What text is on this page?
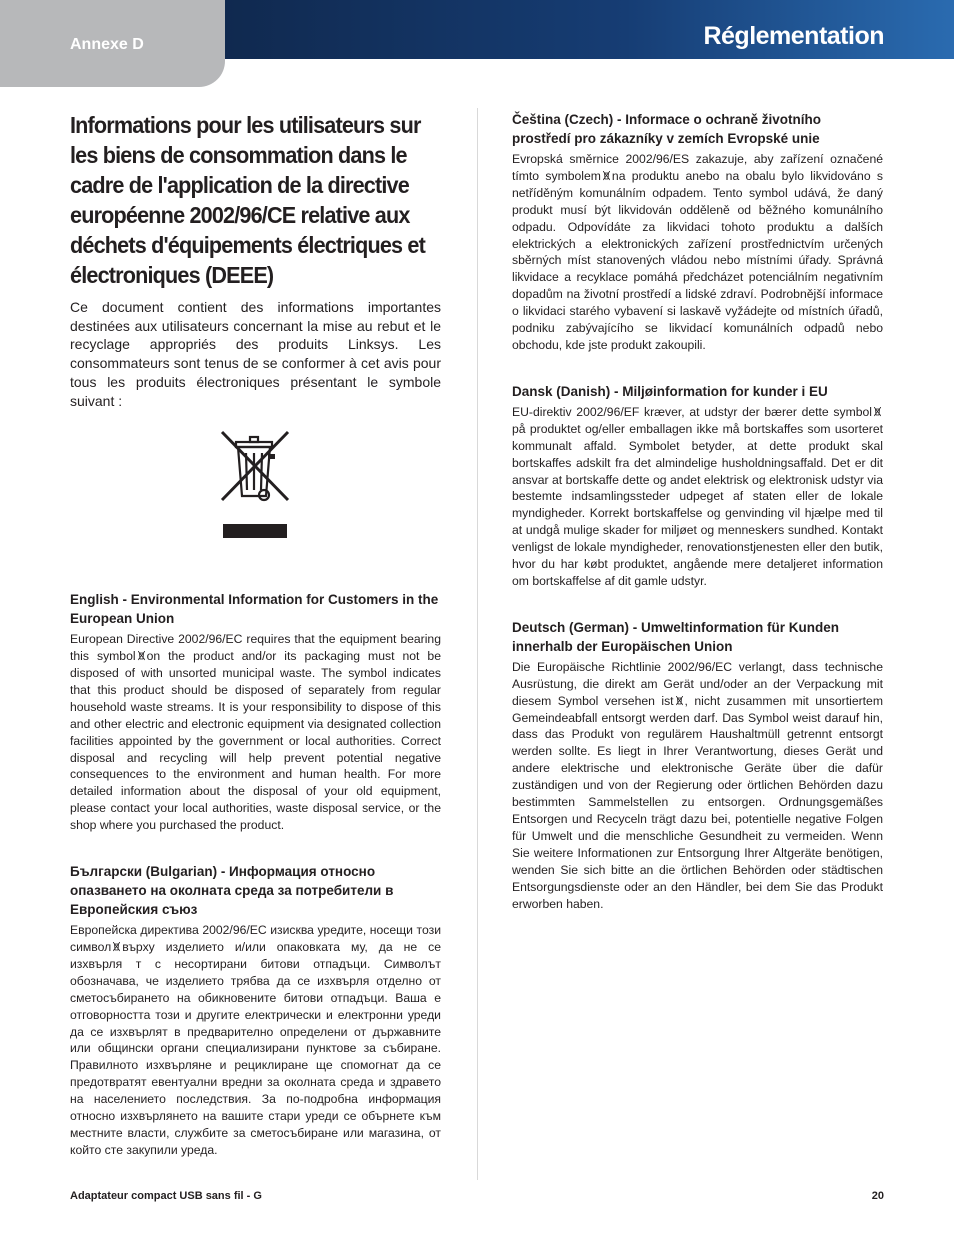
Annexe D	Réglementation
Informations pour les utilisateurs sur
les biens de consommation dans le
cadre de l'application de la directive
européenne 2002/96/CE relative aux
déchets d'équipements électriques et
électroniques (DEEE)

Ce document contient des informations importantes destinées aux utilisateurs concernant la mise au rebut et le recyclage appropriés des produits Linksys. Les consommateurs sont tenus de se conformer à cet avis pour tous les produits électroniques présentant le symbole suivant :

English - Environmental Information for Customers in the European Union

European Directive 2002/96/EC requires that the equipment bearing this symbol on the product and/or its packaging must not be disposed of with unsorted municipal waste. The symbol indicates that this product should be disposed of separately from regular household waste streams. It is your responsibility to dispose of this and other electric and electronic equipment via designated collection facilities appointed by the government or local authorities. Correct disposal and recycling will help prevent potential negative consequences to the environment and human health. For more detailed information about the disposal of your old equipment, please contact your local authorities, waste disposal service, or the shop where you purchased the product.

Български (Bulgarian) - Информация относно опазването на околната среда за потребители в Европейския съюз

Европейска директива 2002/96/EC изисква уредите, носещи този символ върху изделието и/или опаковката му, да не се изхвърля т с несортирани битови отпадъци. Символът обозначава, че изделието трябва да се изхвърля отделно от сметосъбирането на обикновените битови отпадъци. Ваша е отговорността този и другите електрически и електронни уреди да се изхвърлят в предварително определени от държавните или общински органи специализирани пунктове за събиране. Правилното изхвърляне и рециклиране ще спомогнат да се предотвратят евентуални вредни за околната среда и здравето на населението последствия. За по-подробна информация относно изхвърлянето на вашите стари уреди се обърнете към местните власти, службите за сметосъбиране или магазина, от който сте закупили уреда.

Čeština (Czech) - Informace o ochraně životního prostředí pro zákazníky v zemích Evropské unie

Evropská směrnice 2002/96/ES zakazuje, aby zařízení označené tímto symbolem na produktu anebo na obalu bylo likvidováno s netříděným komunálním odpadem. Tento symbol udává, že daný produkt musí být likvidován odděleně od běžného komunálního odpadu. Odpovídáte za likvidaci tohoto produktu a dalších elektrických a elektronických zařízení prostřednictvím určených sběrných míst stanovených vládou nebo místními úřady. Správná likvidace a recyklace pomáhá předcházet potenciálním negativním dopadům na životní prostředí a lidské zdraví. Podrobnější informace o likvidaci starého vybavení si laskavě vyžádejte od místních úřadů, podniku zabývajícího se likvidací komunálních odpadů nebo obchodu, kde jste produkt zakoupili.

Dansk (Danish) - Miljøinformation for kunder i EU

EU-direktiv 2002/96/EF kræver, at udstyr der bærer dette symbolpå produktet og/eller emballagen ikke må bortskaffes som usorteret kommunalt affald. Symbolet betyder, at dette produkt skal bortskaffes adskilt fra det almindelige husholdningsaffald. Det er dit ansvar at bortskaffe dette og andet elektrisk og elektronisk udstyr via bestemte indsamlingssteder udpeget af staten eller de lokale myndigheder. Korrekt bortskaffelse og genvinding vil hjælpe med til at undgå mulige skader for miljøet og menneskers sundhed. Kontakt venligst de lokale myndigheder, renovationstjenesten eller den butik, hvor du har købt produktet, angående mere detaljeret information om bortskaffelse af dit gamle udstyr.

Deutsch (German) - Umweltinformation für Kunden innerhalb der Europäischen Union

Die Europäische Richtlinie 2002/96/EC verlangt, dass technische Ausrüstung, die direkt am Gerät und/oder an der Verpackung mit diesem Symbol versehen ist , nicht zusammen mit unsortiertem Gemeindeabfall entsorgt werden darf. Das Symbol weist darauf hin, dass das Produkt von regulärem Haushaltmüll getrennt entsorgt werden sollte. Es liegt in Ihrer Verantwortung, dieses Gerät und andere elektrische und elektronische Geräte über die dafür zuständigen und von der Regierung oder örtlichen Behörden dazu bestimmten Sammelstellen zu entsorgen. Ordnungsgemäßes Entsorgen und Recyceln trägt dazu bei, potentielle negative Folgen für Umwelt und die menschliche Gesundheit zu vermeiden. Wenn Sie weitere Informationen zur Entsorgung Ihrer Altgeräte benötigen, wenden Sie sich bitte an die örtlichen Behörden oder städtischen Entsorgungsdienste oder an den Händler, bei dem Sie das Produkt erworben haben.

Adaptateur compact USB sans fil - G	20
